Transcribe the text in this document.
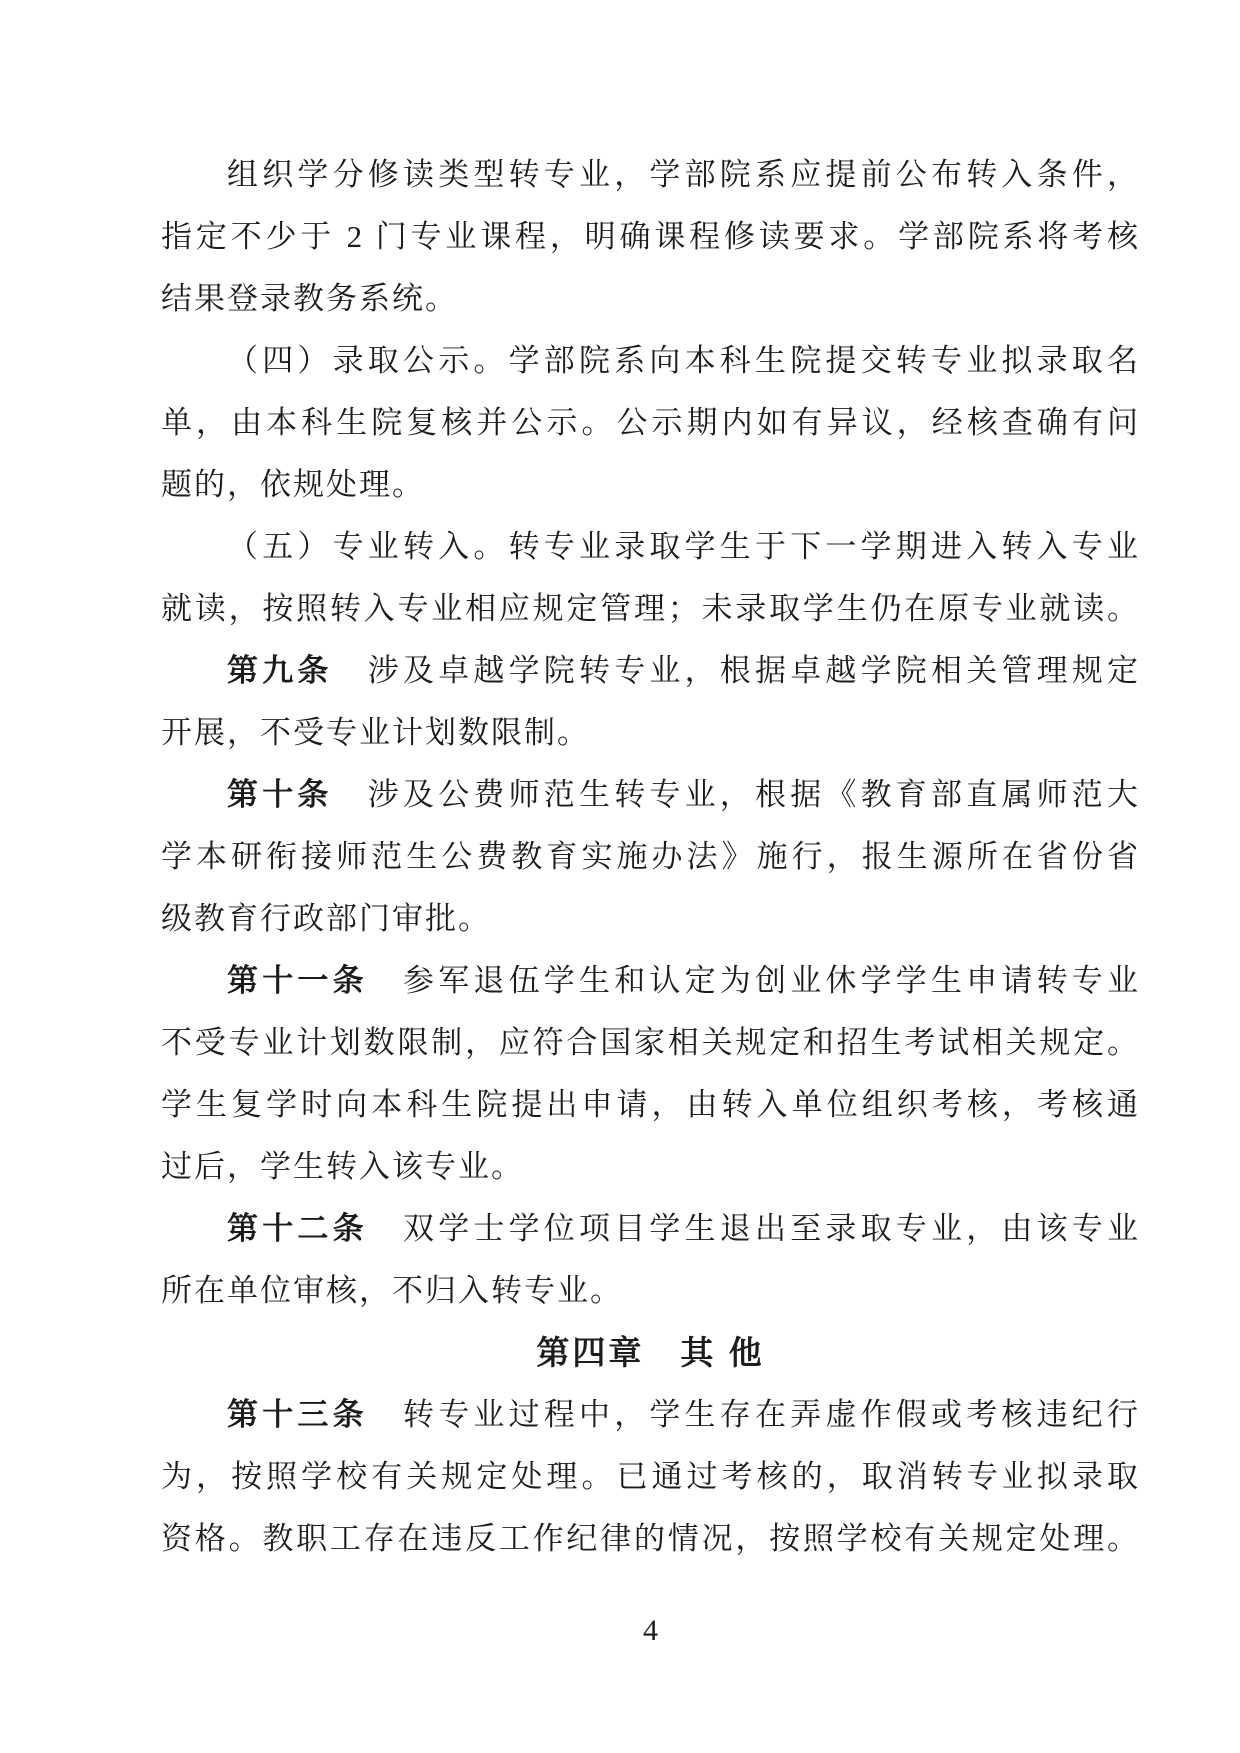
组织学分修读类型转专业，学部院系应提前公布转入条件，
指定不少于 2 门专业课程，明确课程修读要求。学部院系将考核
结果登录教务系统。
（四）录取公示。学部院系向本科生院提交转专业拟录取名
单，由本科生院复核并公示。公示期内如有异议，经核查确有问
题的，依规处理。
（五）专业转入。转专业录取学生于下一学期进入转入专业
就读，按照转入专业相应规定管理；未录取学生仍在原专业就读。
第九条　涉及卓越学院转专业，根据卓越学院相关管理规定
开展，不受专业计划数限制。
第十条　涉及公费师范生转专业，根据《教育部直属师范大
学本研衔接师范生公费教育实施办法》施行，报生源所在省份省
级教育行政部门审批。
第十一条　参军退伍学生和认定为创业休学学生申请转专业
不受专业计划数限制，应符合国家相关规定和招生考试相关规定。
学生复学时向本科生院提出申请，由转入单位组织考核，考核通
过后，学生转入该专业。
第十二条　双学士学位项目学生退出至录取专业，由该专业
所在单位审核，不归入转专业。
第四章　其 他
第十三条　转专业过程中，学生存在弄虚作假或考核违纪行
为，按照学校有关规定处理。已通过考核的，取消转专业拟录取
资格。教职工存在违反工作纪律的情况，按照学校有关规定处理。
4
